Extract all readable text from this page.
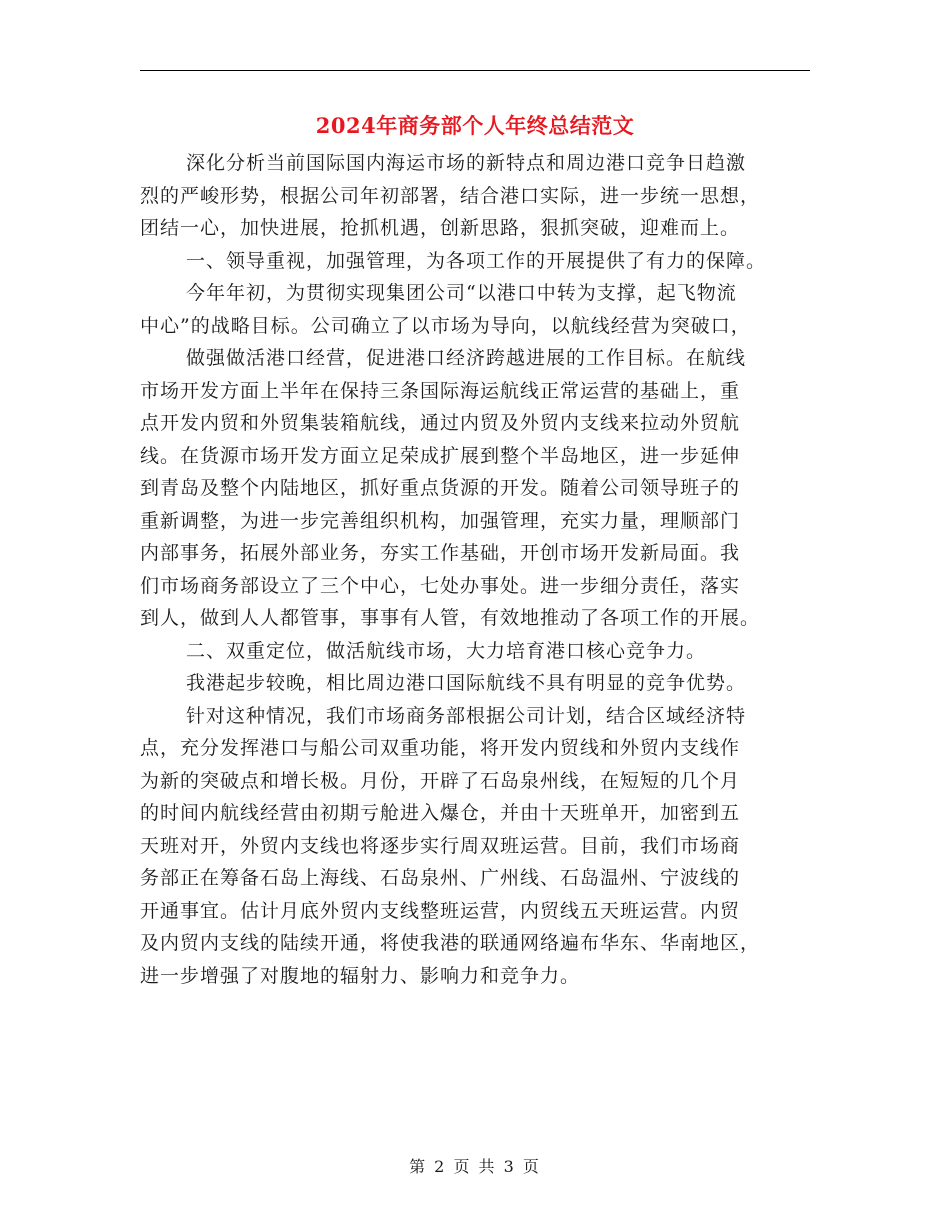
2024年商务部个人年终总结范文
深化分析当前国际国内海运市场的新特点和周边港口竞争日趋激
烈的严峻形势，根据公司年初部署，结合港口实际，进一步统一思想，
团结一心，加快进展，抢抓机遇，创新思路，狠抓突破，迎难而上。
一、领导重视，加强管理，为各项工作的开展提供了有力的保障。
今年年初，为贯彻实现集团公司“以港口中转为支撑，起飞物流
中心”的战略目标。公司确立了以市场为导向，以航线经营为突破口，
做强做活港口经营，促进港口经济跨越进展的工作目标。在航线
市场开发方面上半年在保持三条国际海运航线正常运营的基础上，重
点开发内贸和外贸集装箱航线，通过内贸及外贸内支线来拉动外贸航
线。在货源市场开发方面立足荣成扩展到整个半岛地区，进一步延伸
到青岛及整个内陆地区，抓好重点货源的开发。随着公司领导班子的
重新调整，为进一步完善组织机构，加强管理，充实力量，理顺部门
内部事务，拓展外部业务，夯实工作基础，开创市场开发新局面。我
们市场商务部设立了三个中心，七处办事处。进一步细分责任，落实
到人，做到人人都管事，事事有人管，有效地推动了各项工作的开展。
二、双重定位，做活航线市场，大力培育港口核心竞争力。
我港起步较晚，相比周边港口国际航线不具有明显的竞争优势。
针对这种情况，我们市场商务部根据公司计划，结合区域经济特
点，充分发挥港口与船公司双重功能，将开发内贸线和外贸内支线作
为新的突破点和增长极。月份，开辟了石岛泉州线，在短短的几个月
的时间内航线经营由初期亏舱进入爆仓，并由十天班单开，加密到五
天班对开，外贸内支线也将逐步实行周双班运营。目前，我们市场商
务部正在筹备石岛上海线、石岛泉州、广州线、石岛温州、宁波线的
开通事宜。估计月底外贸内支线整班运营，内贸线五天班运营。内贸
及内贸内支线的陆续开通，将使我港的联通网络遍布华东、华南地区，
进一步增强了对腹地的辐射力、影响力和竞争力。
第 2 页 共 3 页
